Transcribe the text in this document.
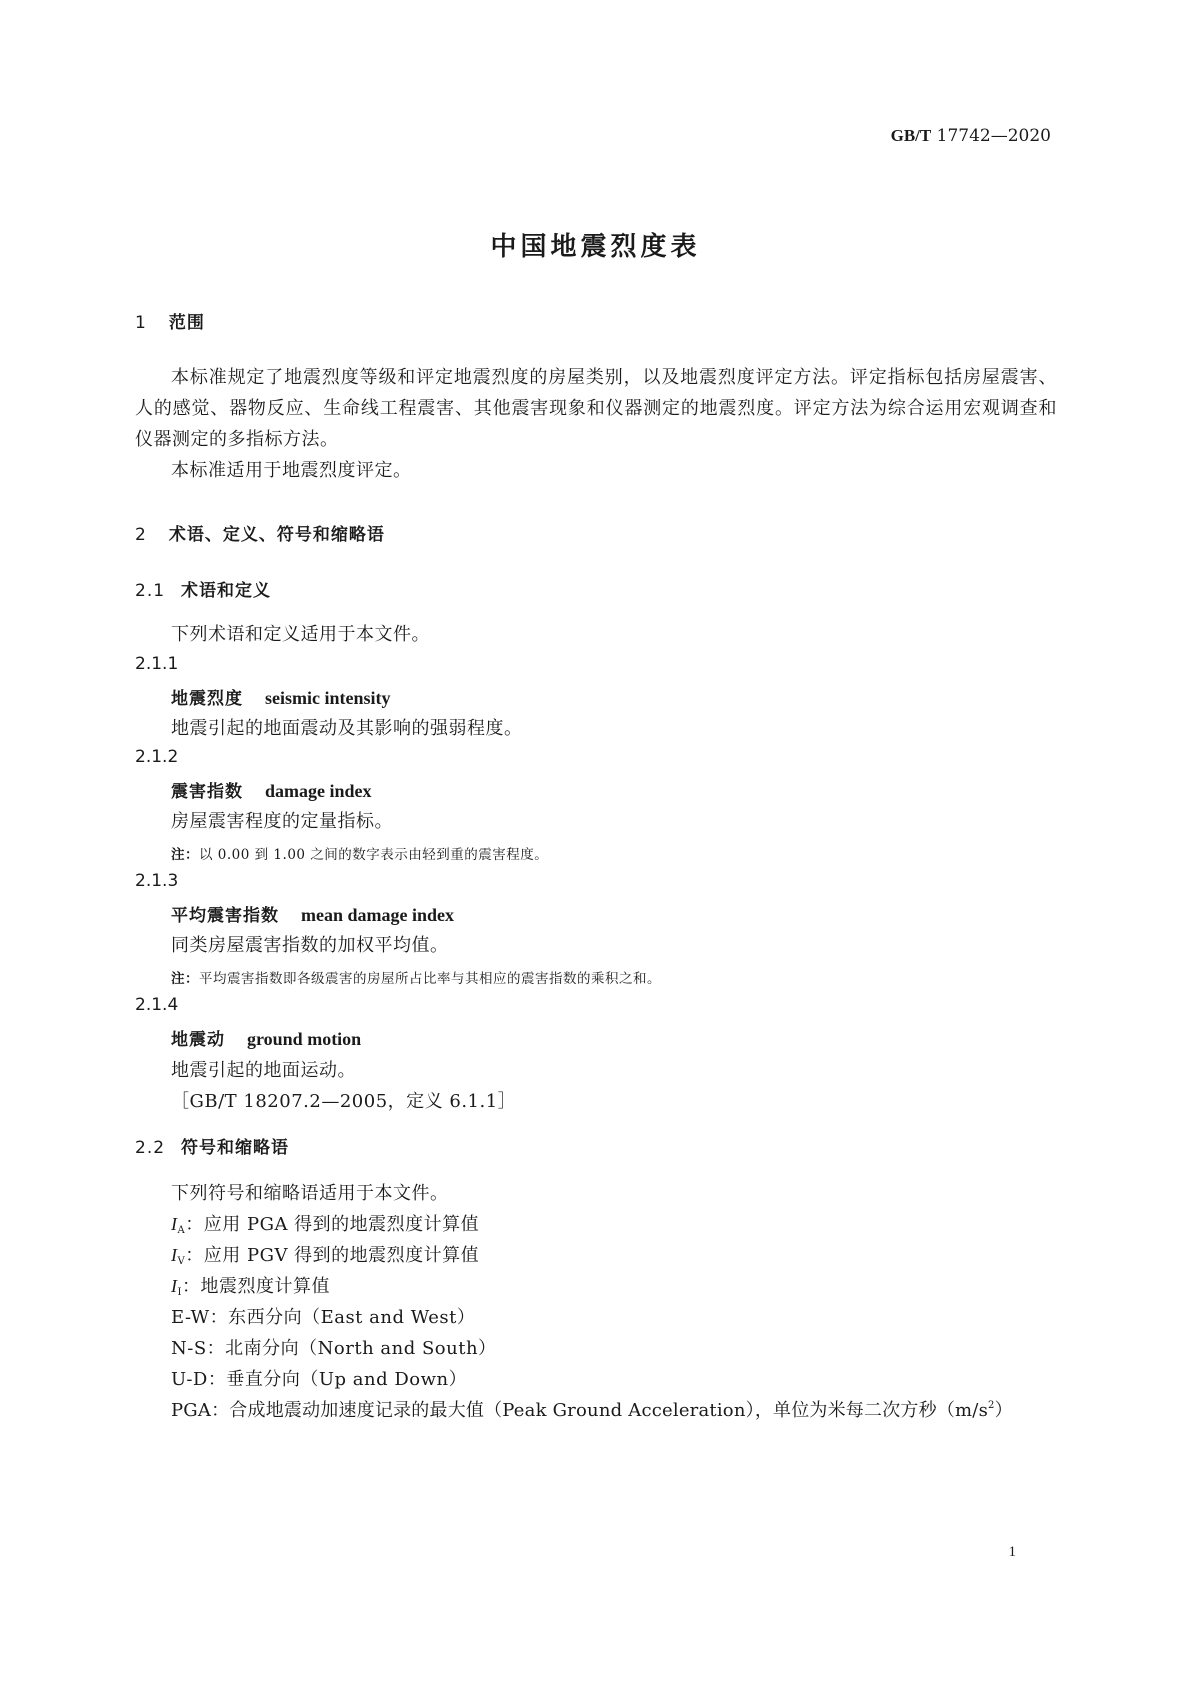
GB/T 17742—2020
中国地震烈度表
1 范围
本标准规定了地震烈度等级和评定地震烈度的房屋类别，以及地震烈度评定方法。评定指标包括房屋震害、人的感觉、器物反应、生命线工程震害、其他震害现象和仪器测定的地震烈度。评定方法为综合运用宏观调查和仪器测定的多指标方法。
本标准适用于地震烈度评定。
2 术语、定义、符号和缩略语
2.1 术语和定义
下列术语和定义适用于本文件。
2.1.1
地震烈度 seismic intensity
地震引起的地面震动及其影响的强弱程度。
2.1.2
震害指数 damage index
房屋震害程度的定量指标。
注：以 0.00 到 1.00 之间的数字表示由轻到重的震害程度。
2.1.3
平均震害指数 mean damage index
同类房屋震害指数的加权平均值。
注：平均震害指数即各级震害的房屋所占比率与其相应的震害指数的乘积之和。
2.1.4
地震动 ground motion
地震引起的地面运动。
［GB/T 18207.2—2005，定义 6.1.1］
2.2 符号和缩略语
下列符号和缩略语适用于本文件。
$I_A$：应用 PGA 得到的地震烈度计算值
$I_V$：应用 PGV 得到的地震烈度计算值
$I_I$：地震烈度计算值
E-W：东西分向（East and West）
N-S：北南分向（North and South）
U-D：垂直分向（Up and Down）
PGA：合成地震动加速度记录的最大值（Peak Ground Acceleration），单位为米每二次方秒$(m/s^2)$
1
